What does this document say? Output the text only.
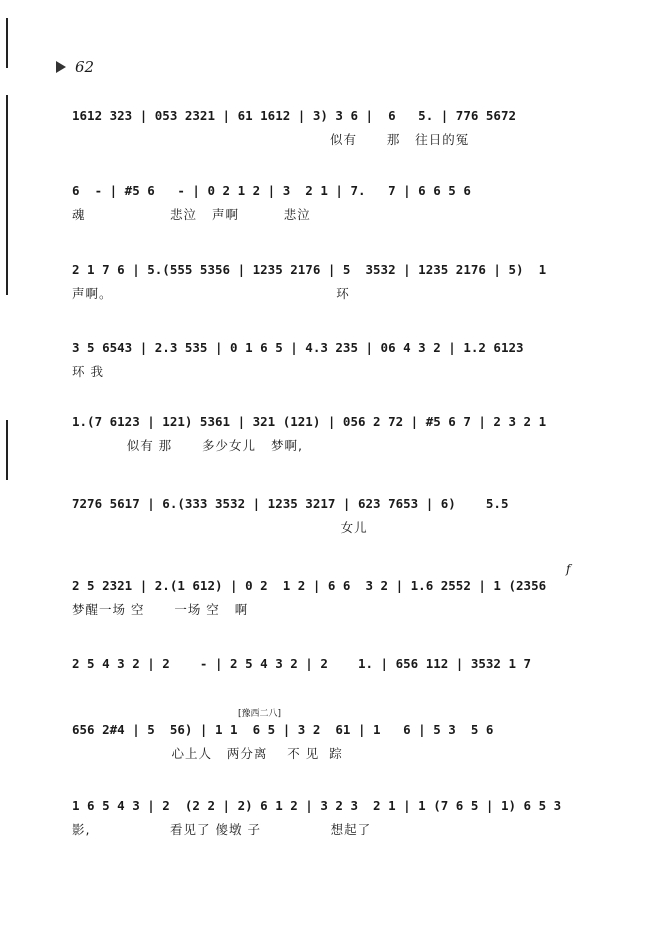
62
1612 323 | 053 2321 | 61 1612 | 3) 3 6 |  6   5. | 776 5672
似有      那   往日的冤
6  - | #5 6   - | 0 2 1 2 | 3  2 1 | 7.   7 | 6 6 5 6
魂                 悲泣   声啊         悲泣
2 1 7 6 | 5.(555 5356 | 1235 2176 | 5  3532 | 1235 2176 | 5)  1
声啊。                                             环
3 5 6543 | 2.3 535 | 0 1 6 5 | 4.3 235 | 06 4 3 2 | 1.2 6123
环 我
1.(7 6123 | 121) 5361 | 321 (121) | 056 2 72 | #5 6 7 | 2 3 2 1
似有 那      多少女儿   梦啊,
7276 5617 | 6.(333 3532 | 1235 3217 | 623 7653 | 6)    5.5
女儿
f
2 5 2321 | 2.(1 612) | 0 2  1 2 | 6 6  3 2 | 1.6 2552 | 1 (2356
梦醒一场 空      一场 空   啊
2 5 4 3 2 | 2    - | 2 5 4 3 2 | 2    1. | 656 112 | 3532 1 7
[豫西二八]
656 2#4 | 5  56) | 1 1  6 5 | 3 2  61 | 1   6 | 5 3  5 6
心上人   两分离    不 见  踪
1 6 5 4 3 | 2  (2 2 | 2) 6 1 2 | 3 2 3  2 1 | 1 (7 6 5 | 1) 6 5 3
影,                看见了 傻墩 子              想起了
